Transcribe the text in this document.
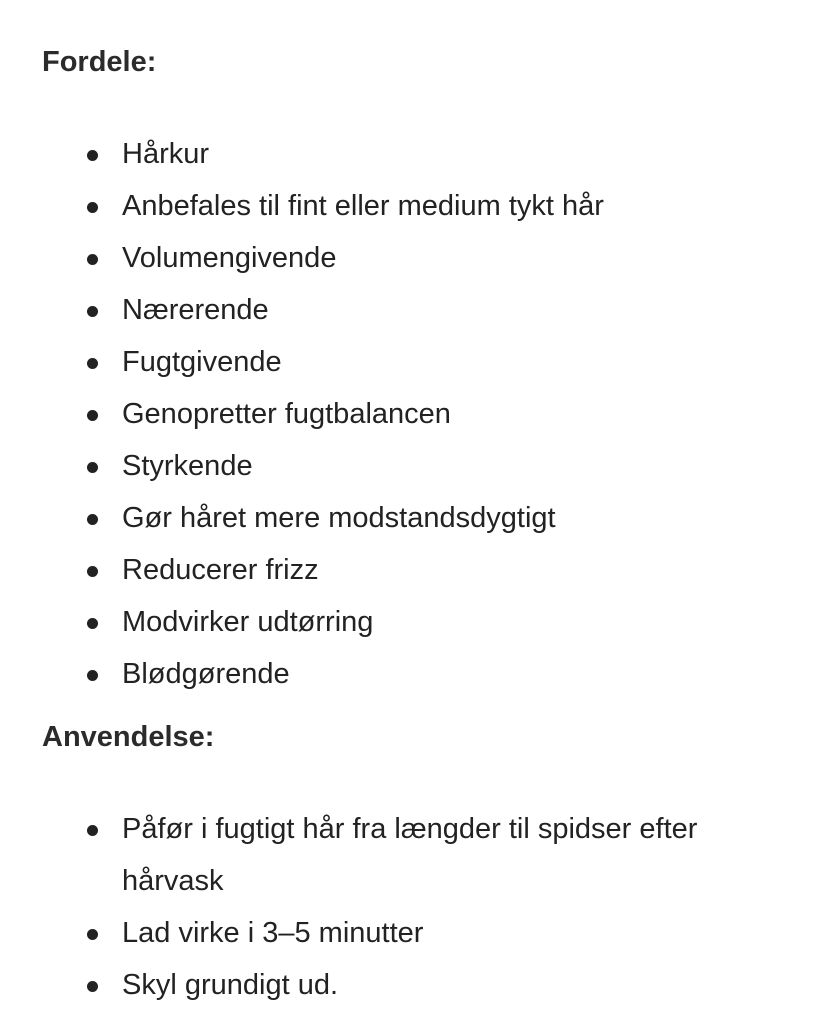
Fordele:
Hårkur
Anbefales til fint eller medium tykt hår
Volumengivende
Nærerende
Fugtgivende
Genopretter fugtbalancen
Styrkende
Gør håret mere modstandsdygtigt
Reducerer frizz
Modvirker udtørring
Blødgørende
Anvendelse:
Påfør i fugtigt hår fra længder til spidser efter hårvask
Lad virke i 3–5 minutter
Skyl grundigt ud.
